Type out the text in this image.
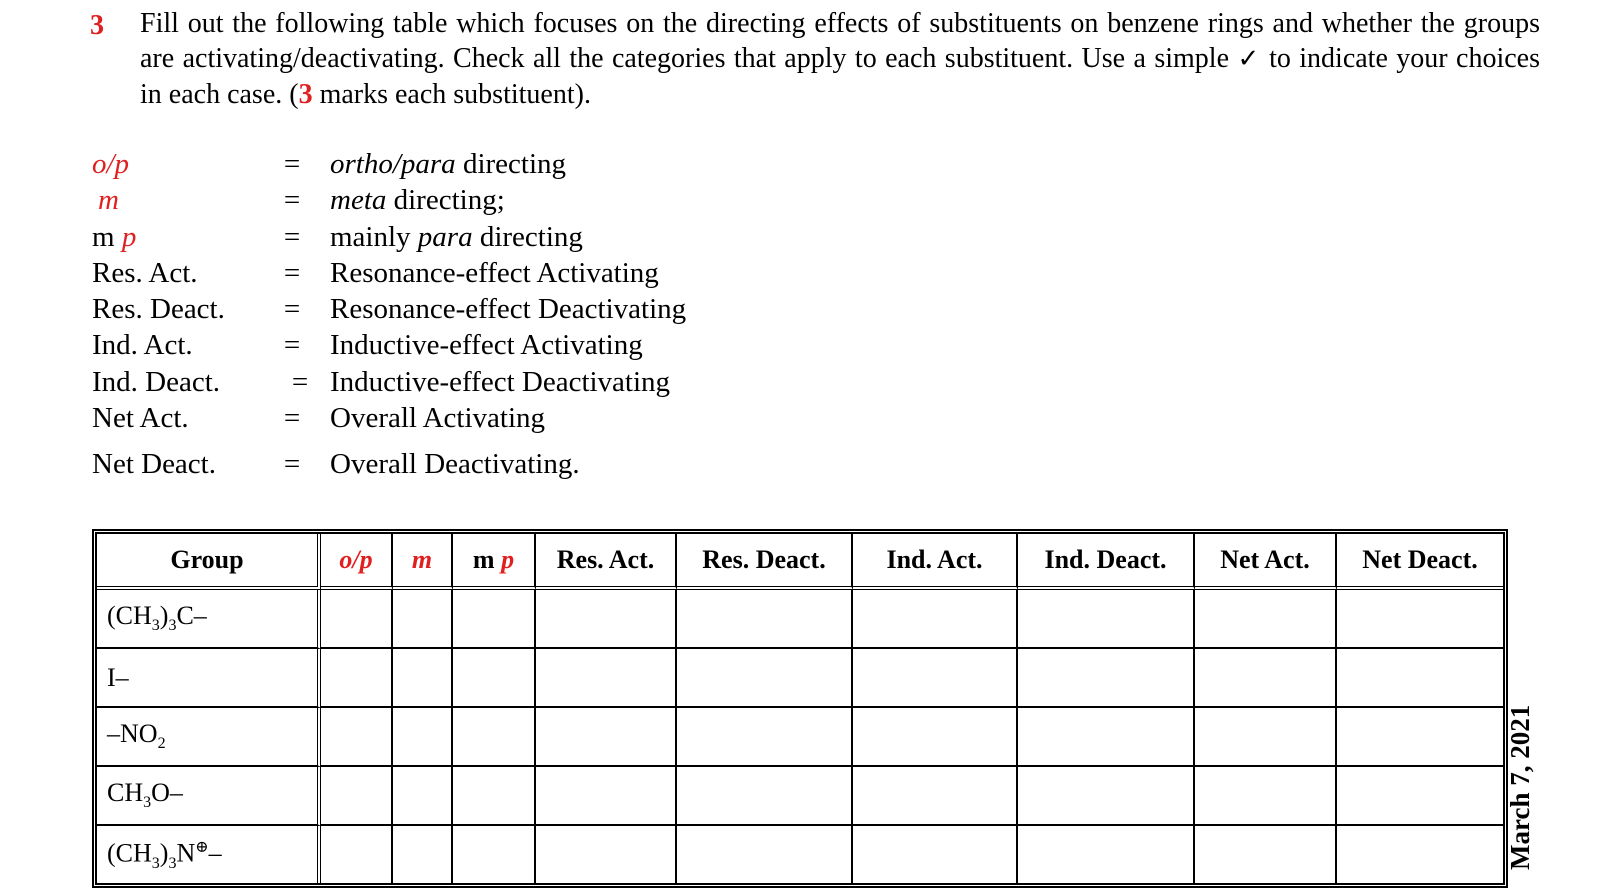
3 Fill out the following table which focuses on the directing effects of substituents on benzene rings and whether the groups are activating/deactivating. Check all the categories that apply to each substituent. Use a simple ✓ to indicate your choices in each case. (3 marks each substituent).
o/p	= ortho/para directing
m	= meta directing;
m p	= mainly para directing
Res. Act.	= Resonance-effect Activating
Res. Deact. = Resonance-effect Deactivating
Ind. Act.	= Inductive-effect Activating
Ind. Deact. = Inductive-effect Deactivating
Net Act.	= Overall Activating
Net Deact. = Overall Deactivating.
Group	o/p	m	m p	Res. Act.	Res. Deact.	Ind. Act.	Ind. Deact.	Net Act.	Net Deact.
$(CH_3)_3C-$									
I–									
$-NO_2$									
$CH_3O-$									
$(CH_3)_3N^\oplus-$										March 7, 2021
